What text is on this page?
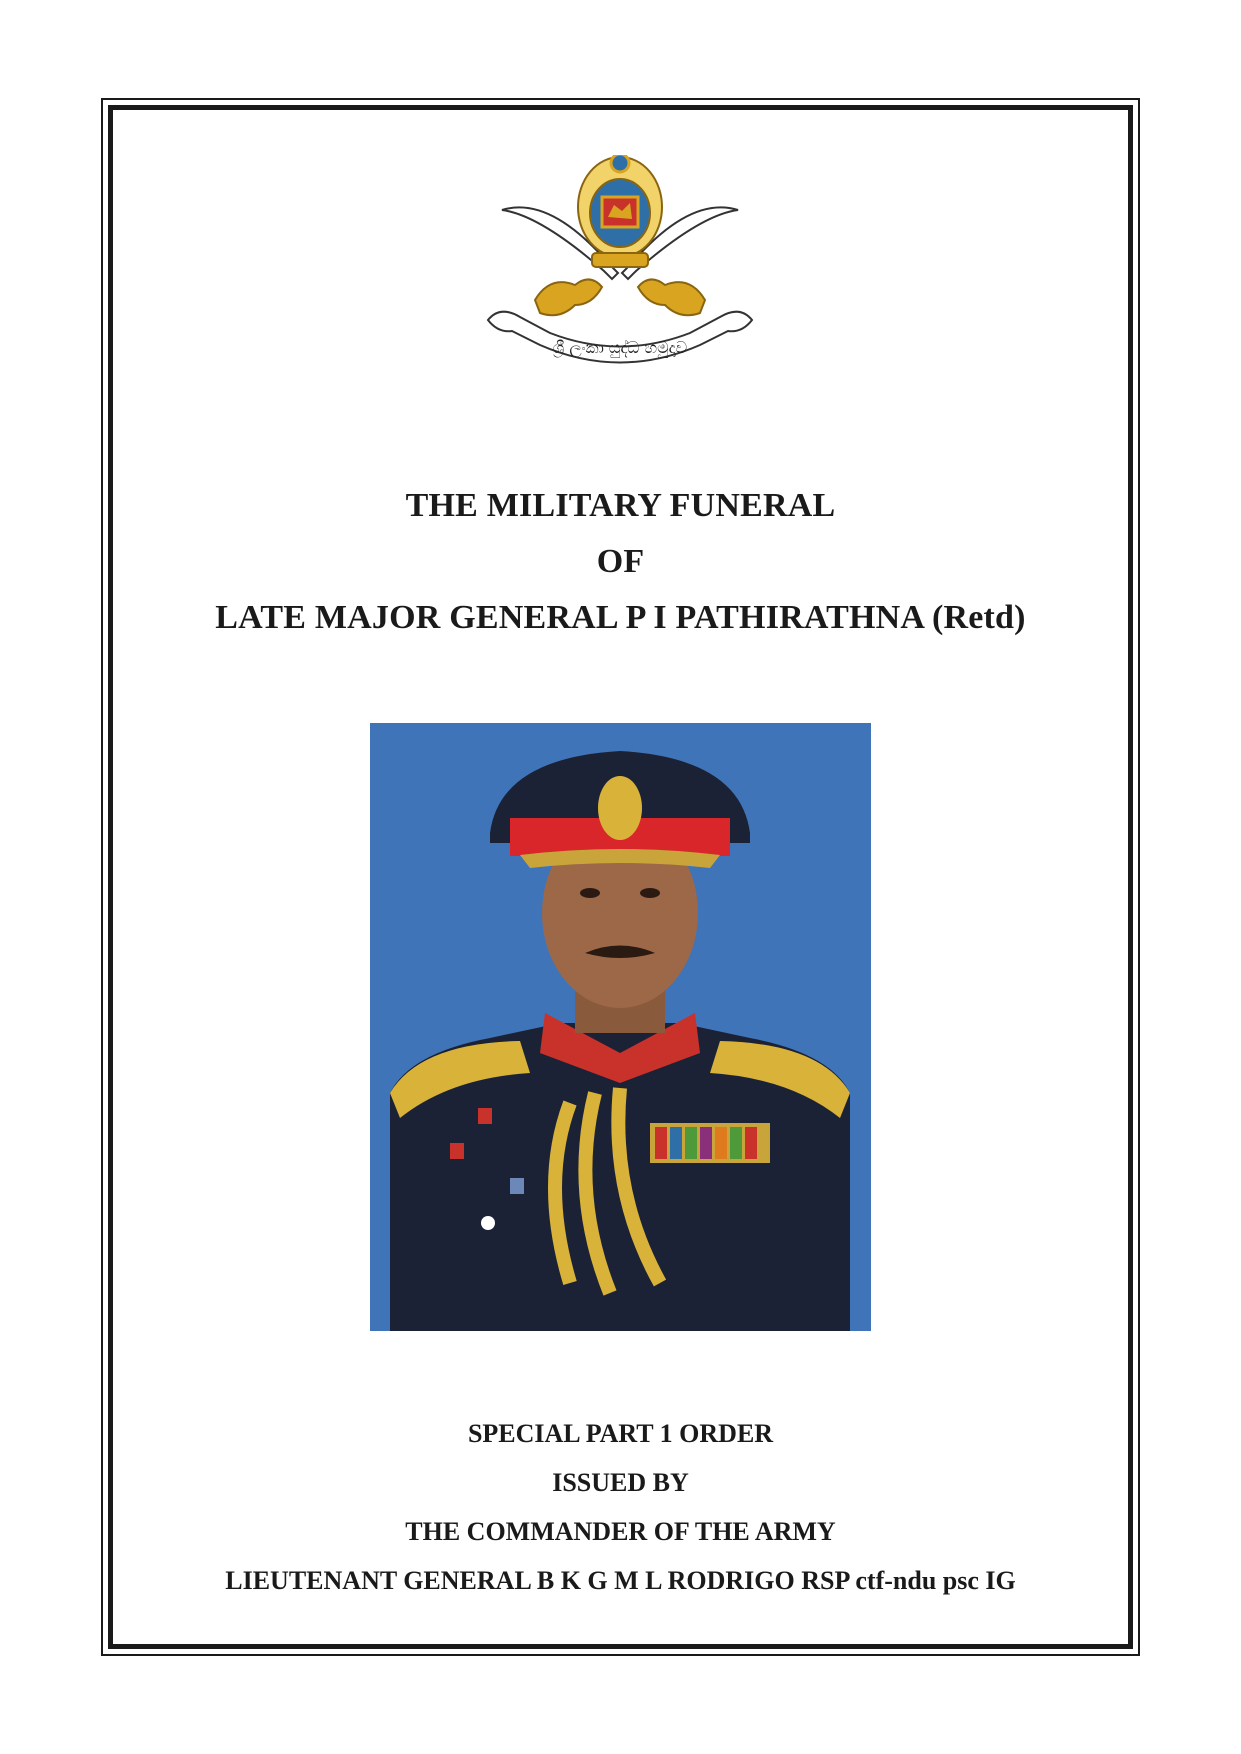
ශ්‍රී ලංකා යුද්ධ හමුදාව
THE MILITARY FUNERAL
OF
LATE MAJOR GENERAL P I PATHIRATHNA (Retd)
SPECIAL PART 1 ORDER
ISSUED BY
THE COMMANDER OF THE ARMY
LIEUTENANT GENERAL B K G M L RODRIGO RSP ctf-ndu psc IG
